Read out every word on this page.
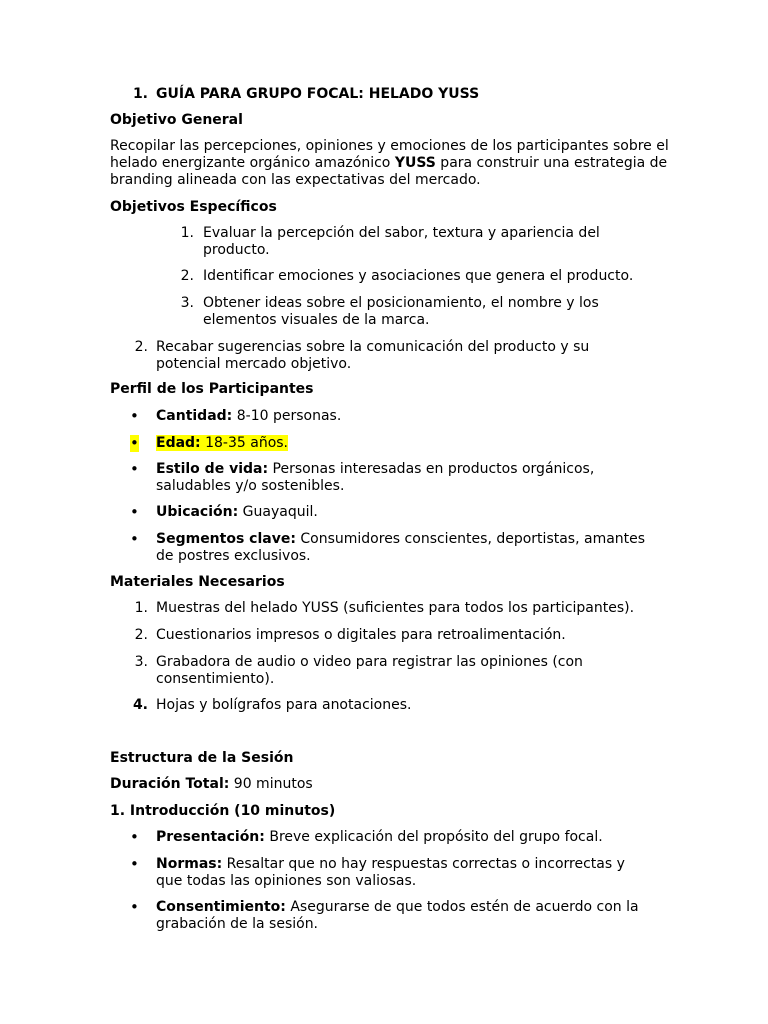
1. GUÍA PARA GRUPO FOCAL: HELADO YUSS
Objetivo General
Recopilar las percepciones, opiniones y emociones de los participantes sobre el helado energizante orgánico amazónico YUSS para construir una estrategia de branding alineada con las expectativas del mercado.
Objetivos Específicos
1. Evaluar la percepción del sabor, textura y apariencia del producto.
2. Identificar emociones y asociaciones que genera el producto.
3. Obtener ideas sobre el posicionamiento, el nombre y los elementos visuales de la marca.
2. Recabar sugerencias sobre la comunicación del producto y su potencial mercado objetivo.
Perfil de los Participantes
• Cantidad: 8-10 personas.
• Edad: 18-35 años.
• Estilo de vida: Personas interesadas en productos orgánicos, saludables y/o sostenibles.
• Ubicación: Guayaquil.
• Segmentos clave: Consumidores conscientes, deportistas, amantes de postres exclusivos.
Materiales Necesarios
1. Muestras del helado YUSS (suficientes para todos los participantes).
2. Cuestionarios impresos o digitales para retroalimentación.
3. Grabadora de audio o video para registrar las opiniones (con consentimiento).
4. Hojas y bolígrafos para anotaciones.
Estructura de la Sesión
Duración Total: 90 minutos
1. Introducción (10 minutos)
• Presentación: Breve explicación del propósito del grupo focal.
• Normas: Resaltar que no hay respuestas correctas o incorrectas y que todas las opiniones son valiosas.
• Consentimiento: Asegurarse de que todos estén de acuerdo con la grabación de la sesión.
